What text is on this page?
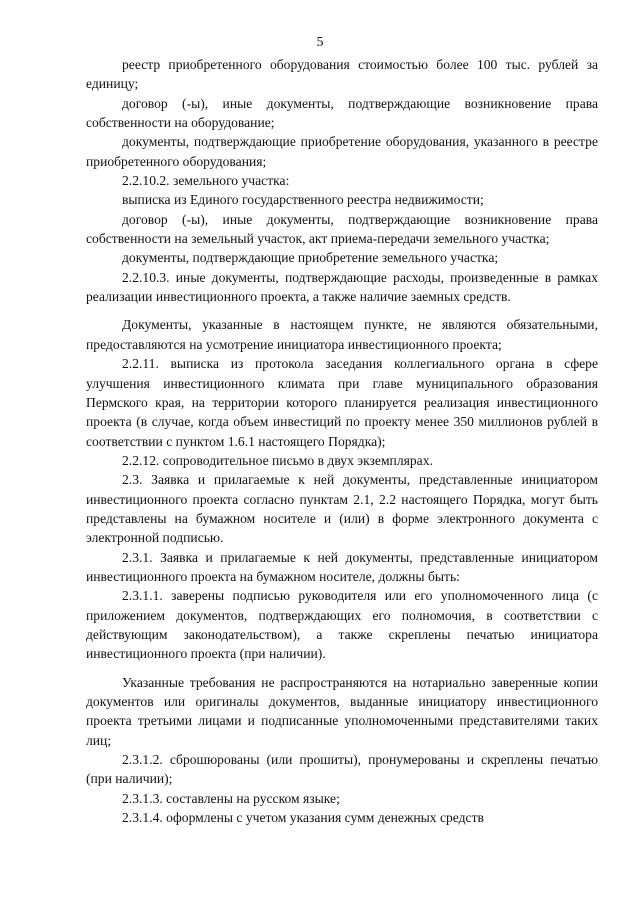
5

реестр приобретенного оборудования стоимостью более 100 тыс. рублей за единицу;

договор (-ы), иные документы, подтверждающие возникновение права собственности на оборудование;

документы, подтверждающие приобретение оборудования, указанного в реестре приобретенного оборудования;

2.2.10.2. земельного участка:

выписка из Единого государственного реестра недвижимости;

договор (-ы), иные документы, подтверждающие возникновение права собственности на земельный участок, акт приема-передачи земельного участка;

документы, подтверждающие приобретение земельного участка;

2.2.10.3. иные документы, подтверждающие расходы, произведенные в рамках реализации инвестиционного проекта, а также наличие заемных средств.

Документы, указанные в настоящем пункте, не являются обязательными, предоставляются на усмотрение инициатора инвестиционного проекта;

2.2.11. выписка из протокола заседания коллегиального органа в сфере улучшения инвестиционного климата при главе муниципального образования Пермского края, на территории которого планируется реализация инвестиционного проекта (в случае, когда объем инвестиций по проекту менее 350 миллионов рублей в соответствии с пунктом 1.6.1 настоящего Порядка);

2.2.12. сопроводительное письмо в двух экземплярах.

2.3. Заявка и прилагаемые к ней документы, представленные инициатором инвестиционного проекта согласно пунктам 2.1, 2.2 настоящего Порядка, могут быть представлены на бумажном носителе и (или) в форме электронного документа с электронной подписью.

2.3.1. Заявка и прилагаемые к ней документы, представленные инициатором инвестиционного проекта на бумажном носителе, должны быть:

2.3.1.1. заверены подписью руководителя или его уполномоченного лица (с приложением документов, подтверждающих его полномочия, в соответствии с действующим законодательством), а также скреплены печатью инициатора инвестиционного проекта (при наличии).

Указанные требования не распространяются на нотариально заверенные копии документов или оригиналы документов, выданные инициатору инвестиционного проекта третьими лицами и подписанные уполномоченными представителями таких лиц;

2.3.1.2. сброшюрованы (или прошиты), пронумерованы и скреплены печатью (при наличии);

2.3.1.3. составлены на русском языке;

2.3.1.4. оформлены с учетом указания сумм денежных средств
